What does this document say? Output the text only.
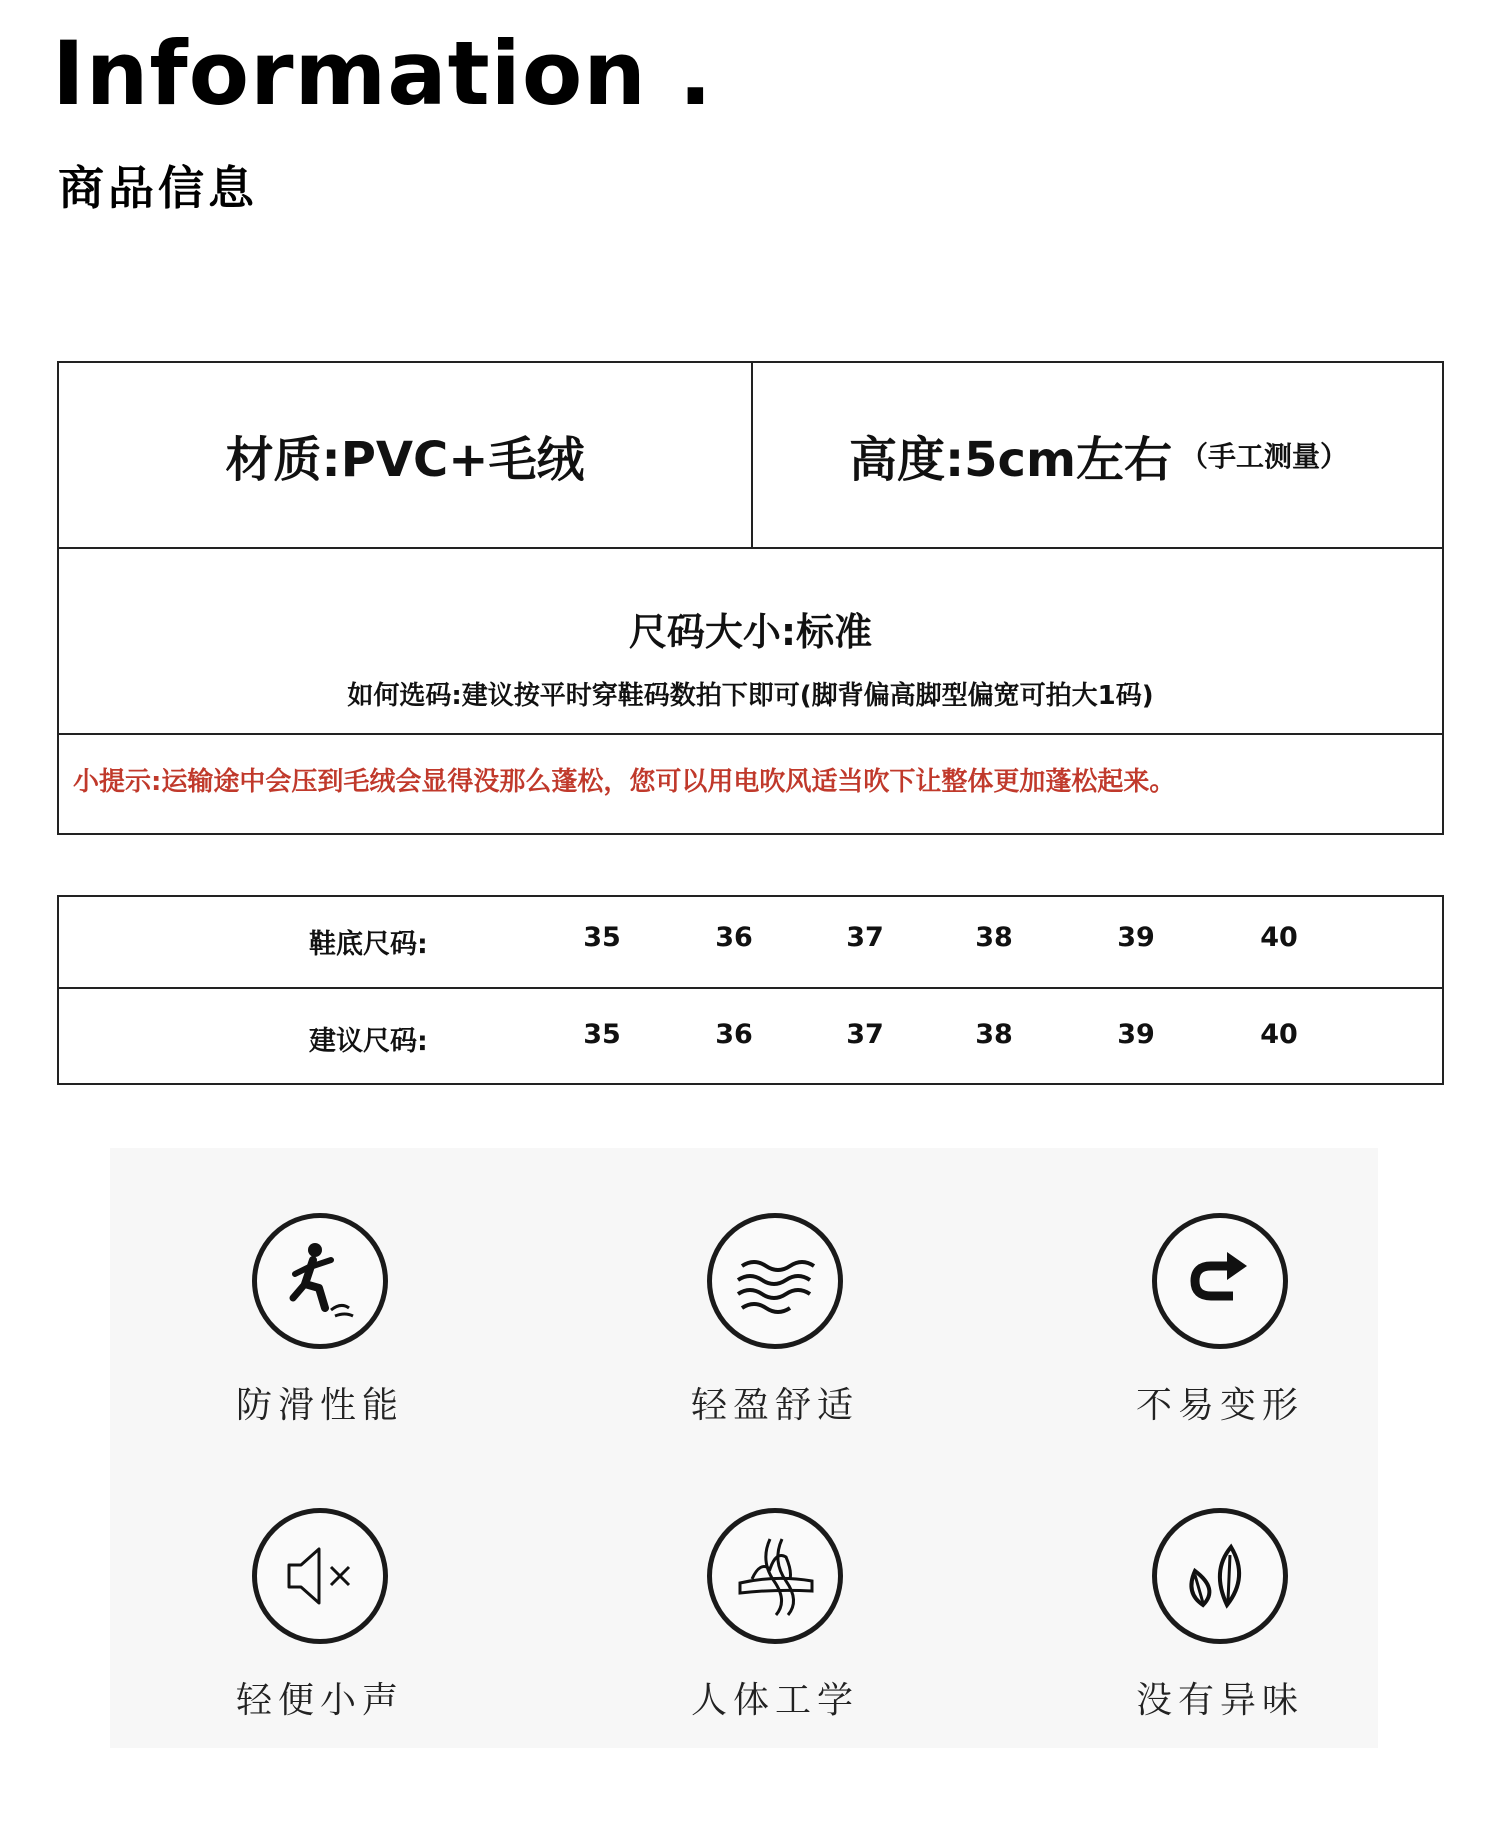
Information .
商品信息
材质:PVC+毛绒	高度:5cm左右 （手工测量）
尺码大小:标准
如何选码:建议按平时穿鞋码数拍下即可(脚背偏高脚型偏宽可拍大1码)
小提示:运输途中会压到毛绒会显得没那么蓬松，您可以用电吹风适当吹下让整体更加蓬松起来。
鞋底尺码:	35	36	37	38	39	40
建议尺码:	35	36	37	38	39	40
防滑性能	轻盈舒适	不易变形
轻便小声	人体工学	没有异味
